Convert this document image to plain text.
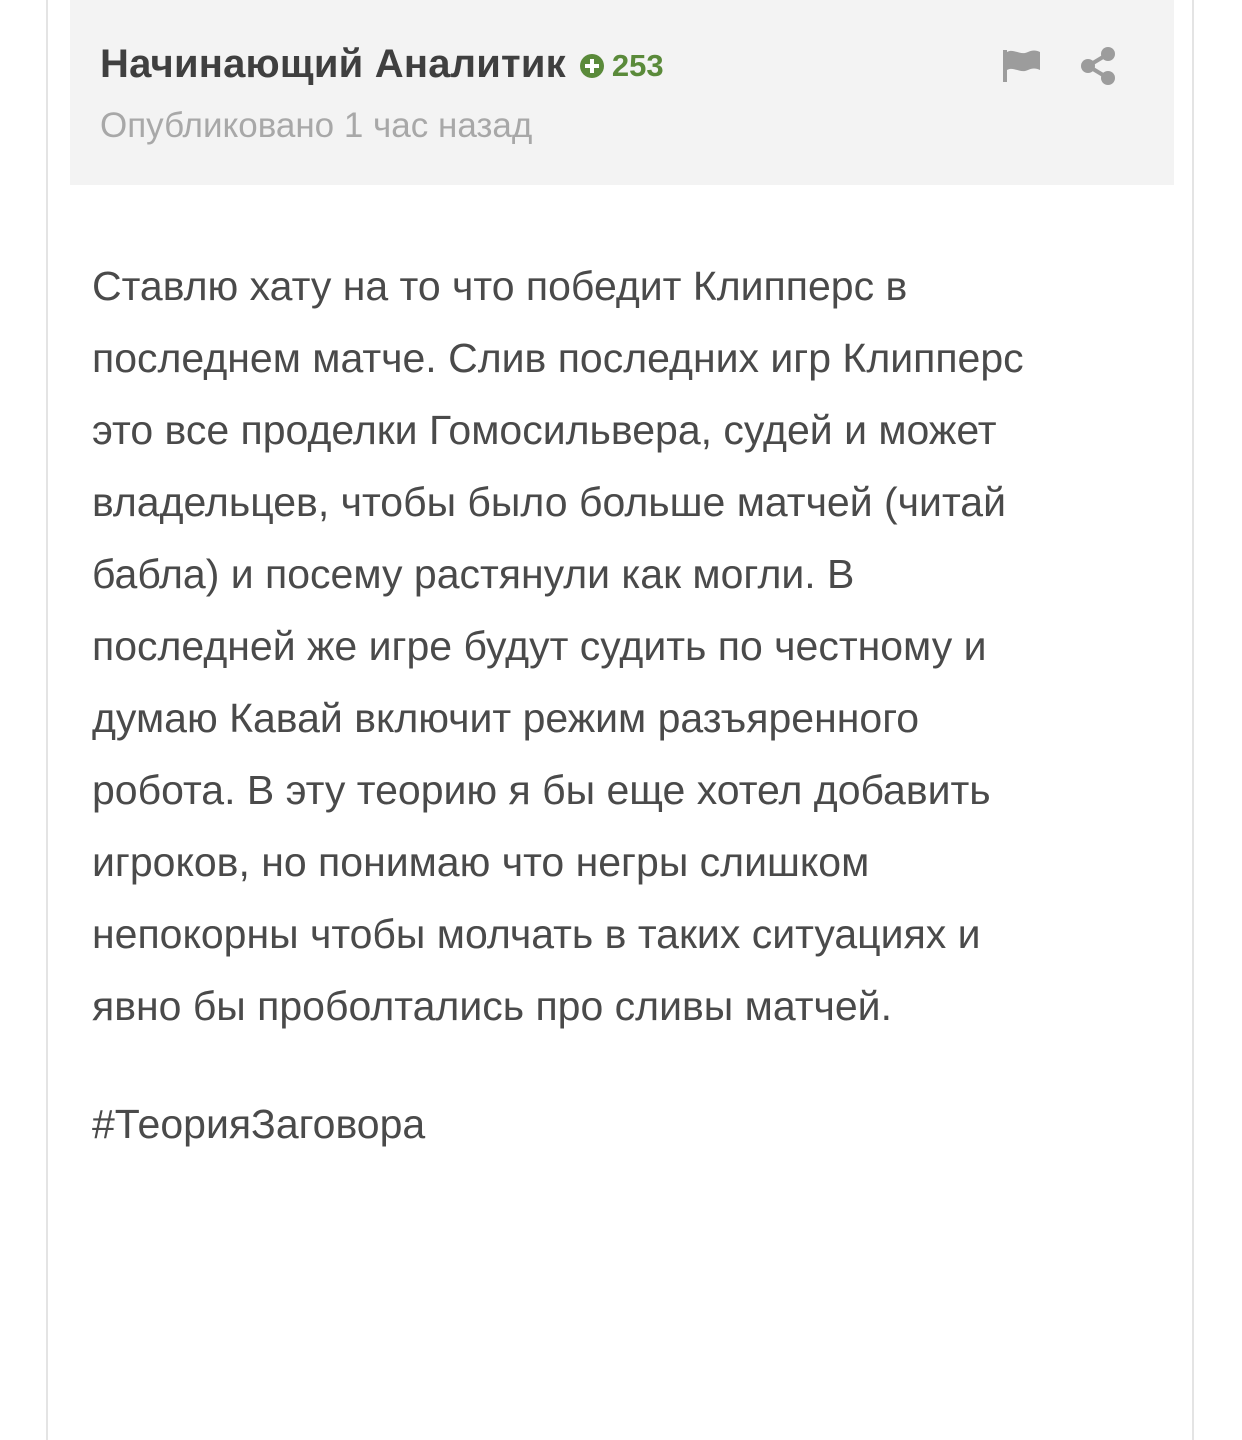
Начинающий Аналитик 253
Опубликовано 1 час назад

Ставлю хату на то что победит Клипперс в
последнем матче. Слив последних игр Клипперс
это все проделки Гомосильвера, судей и может
владельцев, чтобы было больше матчей (читай
бабла) и посему растянули как могли. В
последней же игре будут судить по честному и
думаю Кавай включит режим разъяренного
робота. В эту теорию я бы еще хотел добавить
игроков, но понимаю что негры слишком
непокорны чтобы молчать в таких ситуациях и
явно бы проболтались про сливы матчей.

#ТеорияЗаговора
